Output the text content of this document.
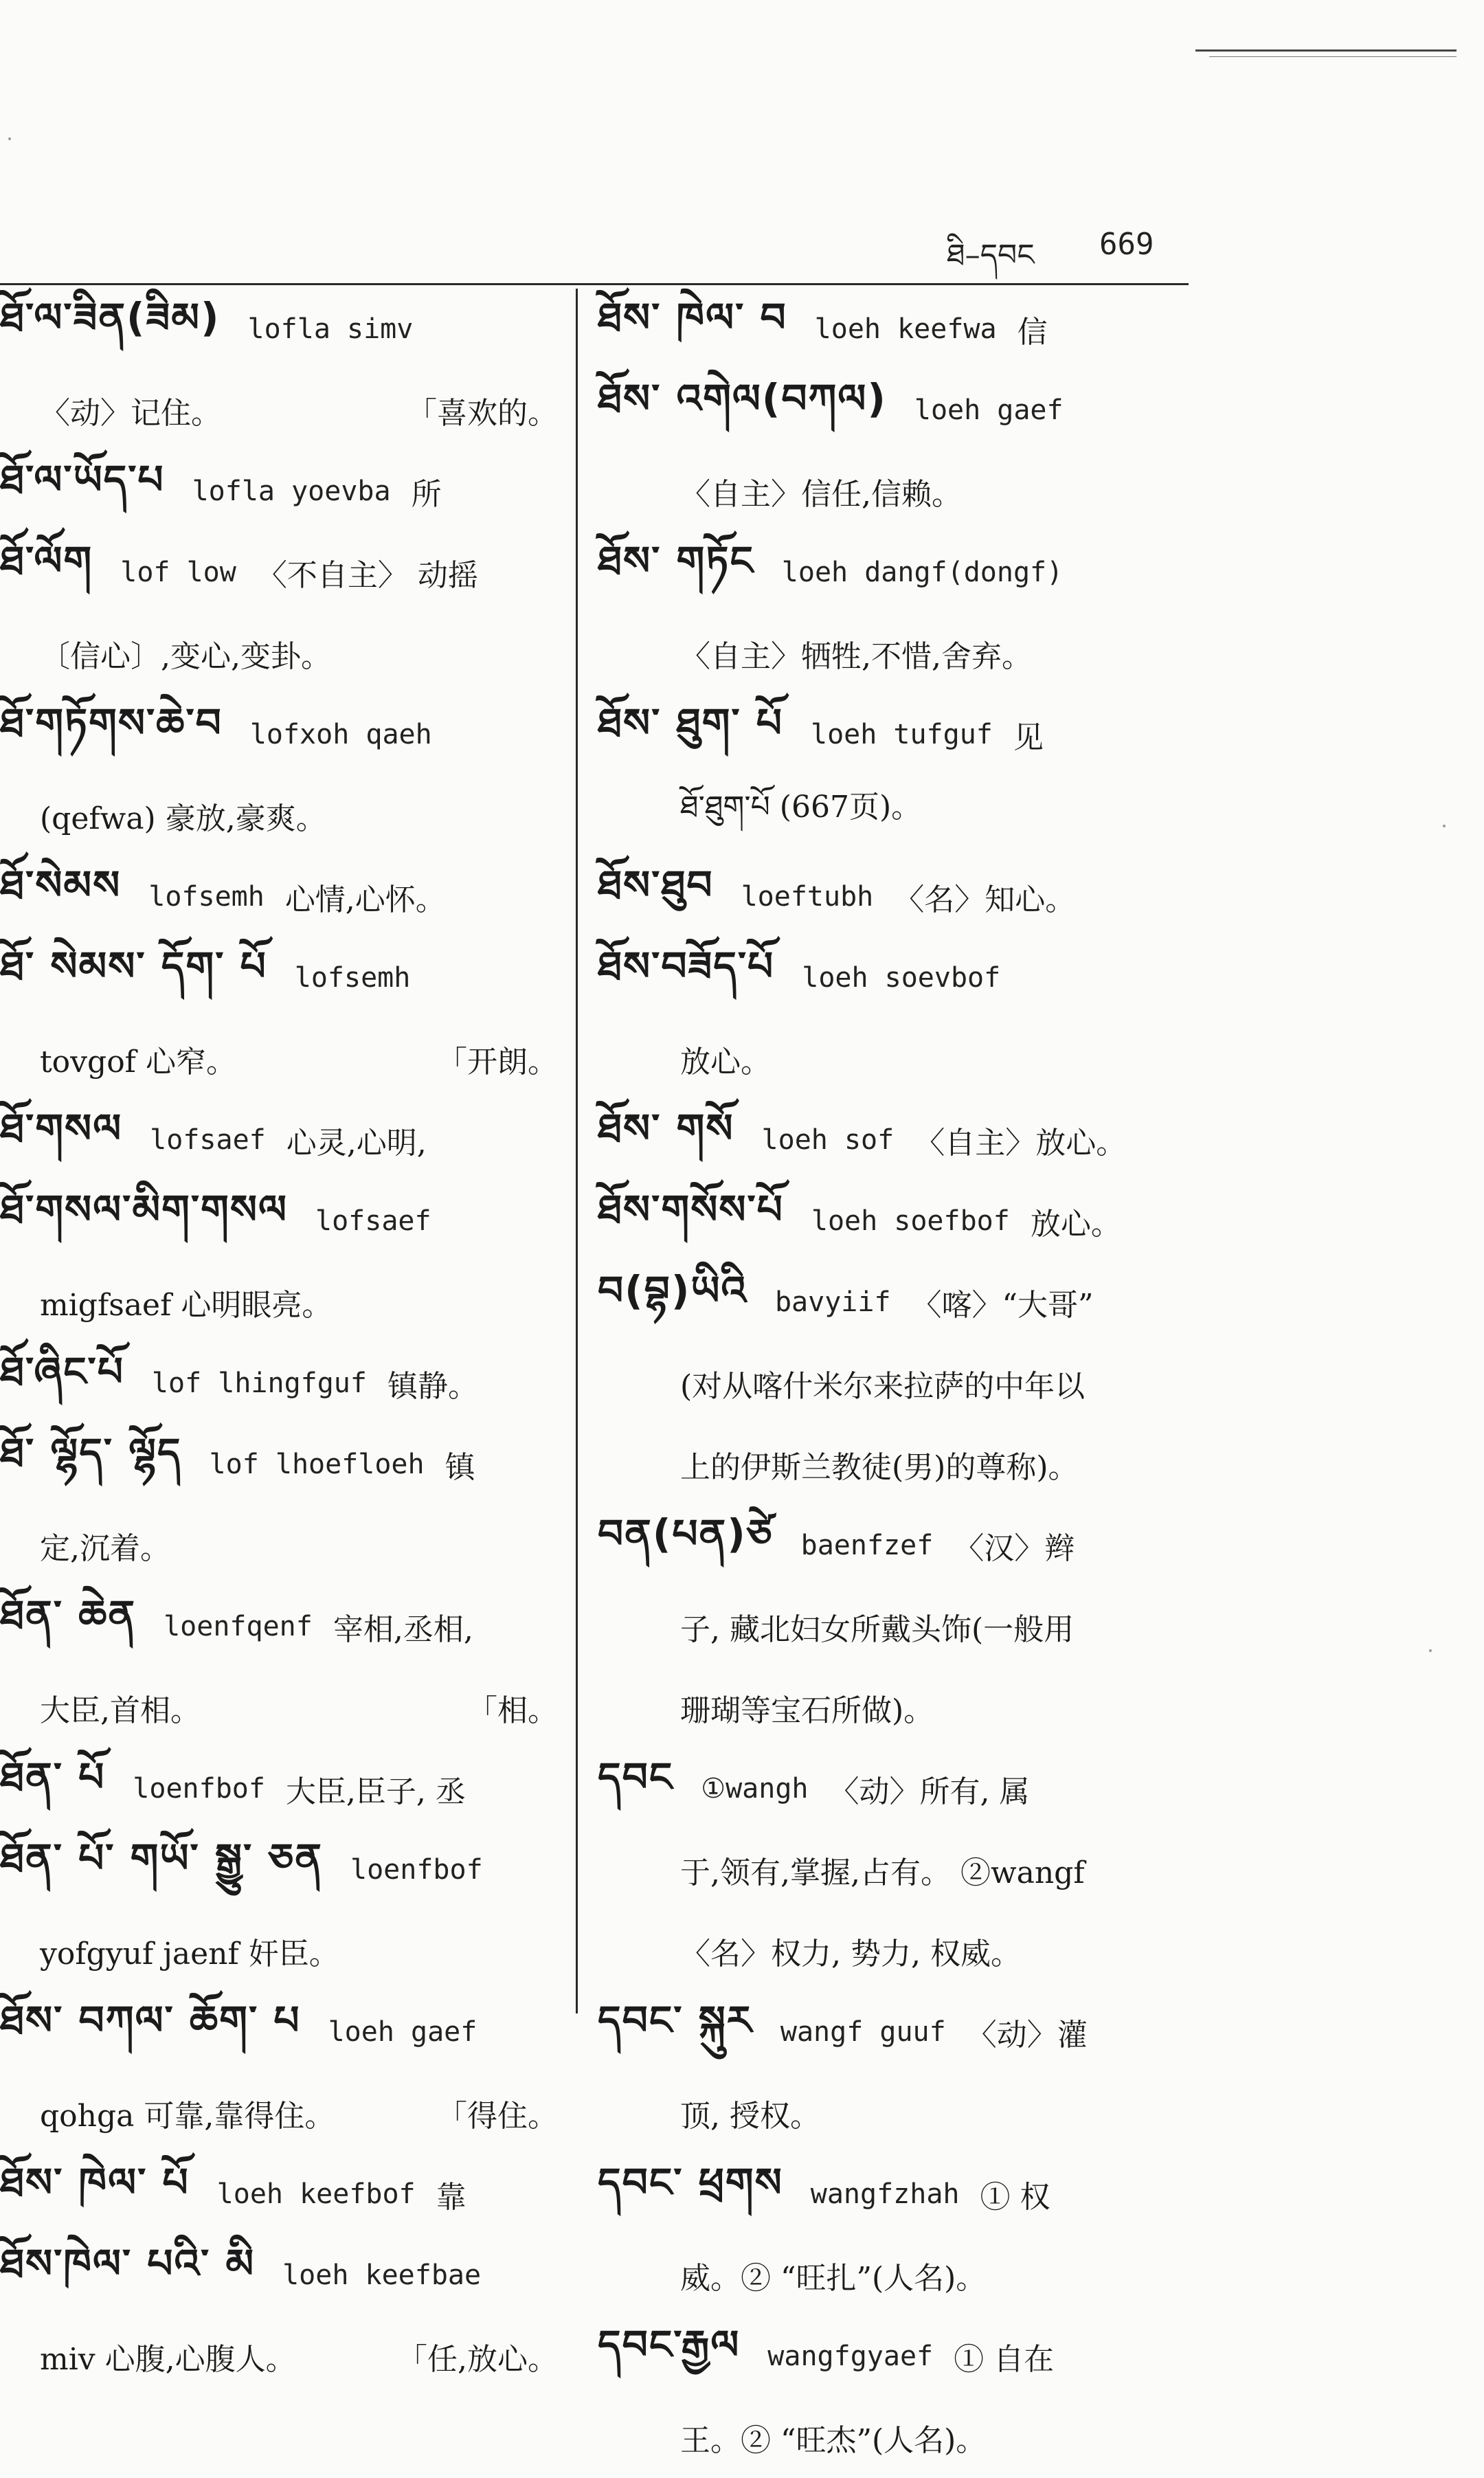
ཐི–དབང 669
ཐོ་ལ་ཟིན(ཟིམ) lofla simv
〈动〉记住。	「喜欢的。
ཐོ་ལ་ཡོད་པ lofla yoevba 所
ཐོ་ལོག lof low 〈不自主〉 动摇
〔信心〕,变心,变卦。
ཐོ་གཏོགས་ཆེ་བ lofxoh qaeh
(qefwa) 豪放,豪爽。
ཐོ་སེམས lofsemh 心情,心怀。
ཐོ་ སེམས་ དོག་ པོ lofsemh
tovgof 心窄。	「开朗。
ཐོ་གསལ lofsaef 心灵,心明,
ཐོ་གསལ་མིག་གསལ lofsaef
migfsaef 心明眼亮。
ཐོ་ཞིང་པོ lof lhingfguf 镇静。
ཐོ་ ལྷོད་ ལྷོད lof lhoefloeh 镇
定,沉着。
ཐོན་ ཆེན loenfqenf 宰相,丞相,
大臣,首相。	「相。
ཐོན་ པོ loenfbof 大臣,臣子, 丞
ཐོན་ པོ་ གཡོ་ སྒྱུ་ ཅན loenfbof
yofgyuf jaenf 奸臣。
ཐོས་ བཀལ་ ཆོག་ པ loeh gaef
qohga 可靠,靠得住。	「得住。
ཐོས་ ཁེལ་ པོ loeh keefbof 靠
ཐོས་ཁེལ་ པའི་ མི loeh keefbae
miv 心腹,心腹人。	「任,放心。
ཐོས་ ཁེལ་ བ loeh keefwa 信
ཐོས་ འགེལ(བཀལ) loeh gaef
〈自主〉信任,信赖。
ཐོས་ གཏོང loeh dangf(dongf)
〈自主〉牺牲,不惜,舍弃。
ཐོས་ ཐུག་ པོ loeh tufguf 见
ཐོ་ཐུག་པོ (667页)。
ཐོས་ཐུབ loeftubh 〈名〉知心。
ཐོས་བཟོད་པོ loeh soevbof
放心。
ཐོས་ གསོ loeh sof 〈自主〉放心。
ཐོས་གསོས་པོ loeh soefbof 放心。
བ(བྷ)ཡིའི bavyiif 〈喀〉“大哥”
(对从喀什米尔来拉萨的中年以
上的伊斯兰教徒(男)的尊称)。
བན(པན)ཙེ baenfzef 〈汉〉辫
子, 藏北妇女所戴头饰(一般用
珊瑚等宝石所做)。
དབང ①wangh 〈动〉所有, 属
于,领有,掌握,占有。 ②wangf
〈名〉权力, 势力, 权威。
དབང་ སྐུར wangf guuf 〈动〉灌
顶, 授权。
དབང་ ཕྲགས wangfzhah ① 权
威。② “旺扎”(人名)。
དབང་རྒྱལ wangfgyaef ① 自在
王。② “旺杰”(人名)。
